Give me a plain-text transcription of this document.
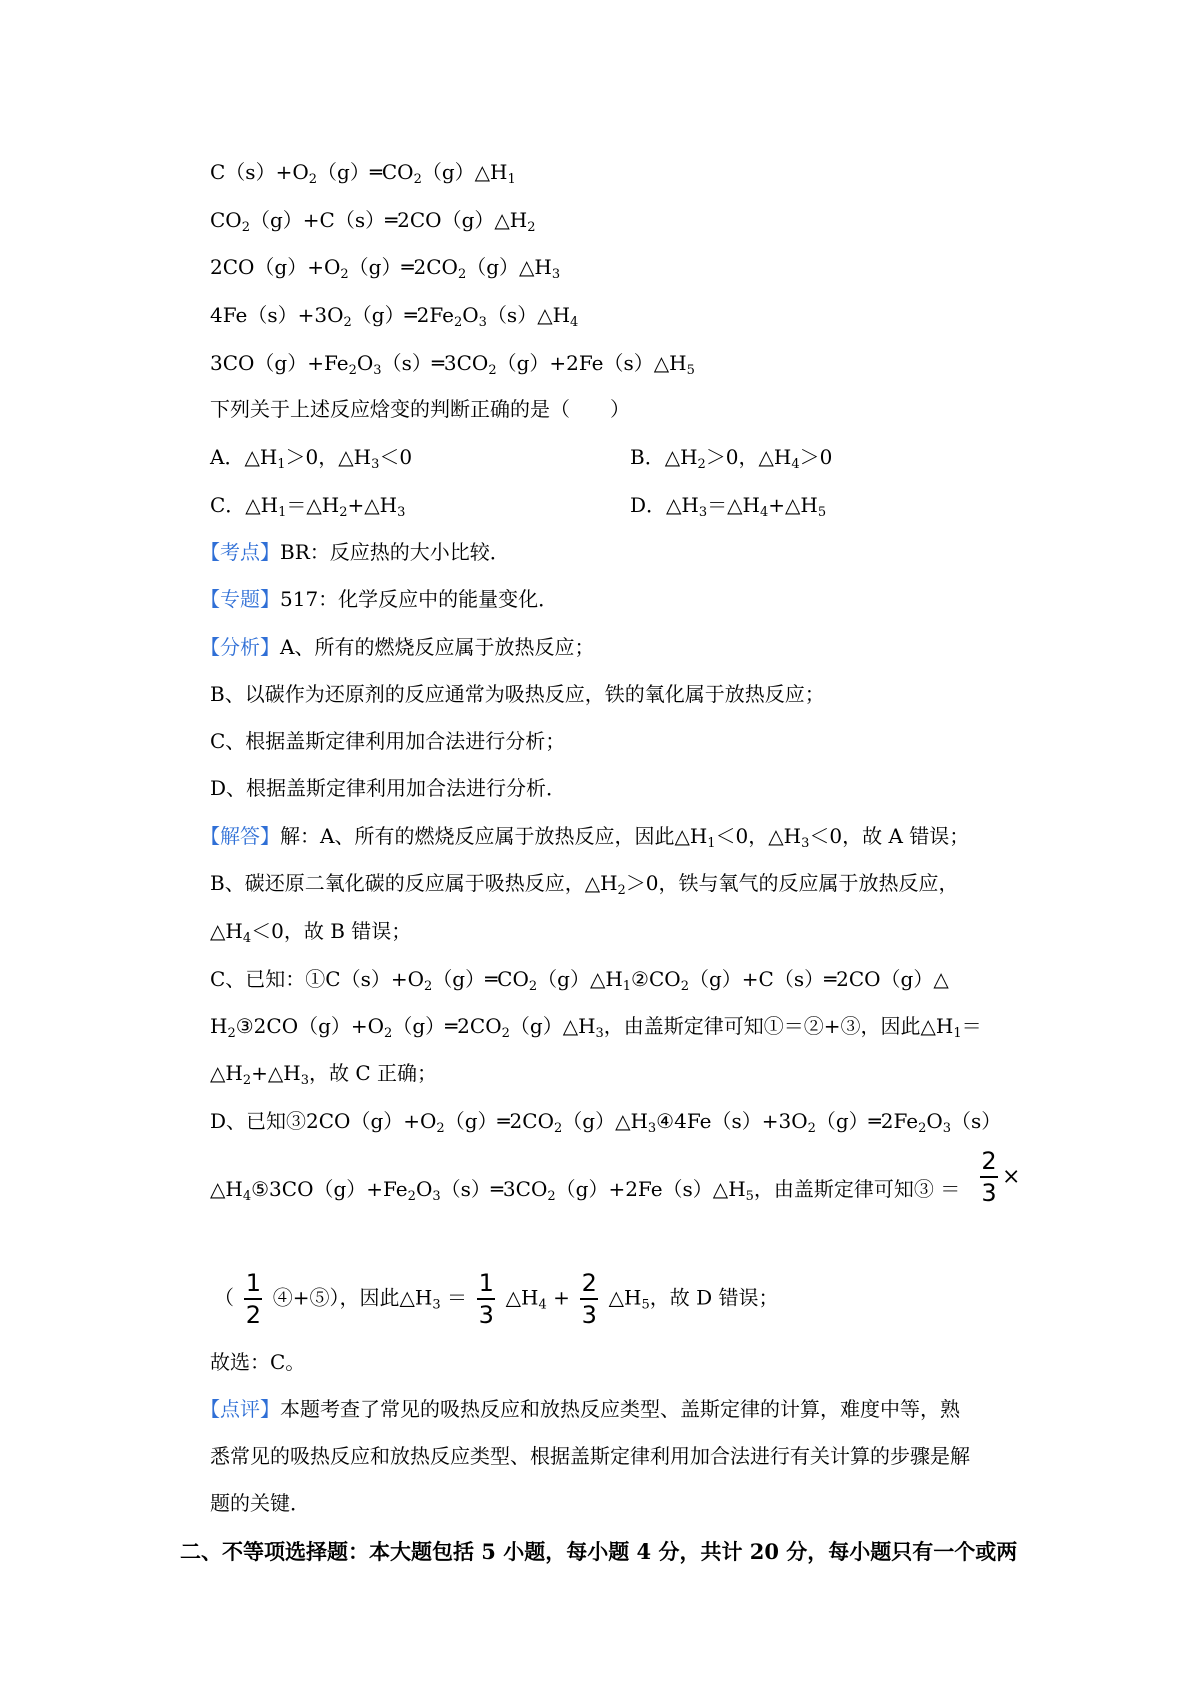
$C(s)+O_2(g)═CO_2(g)\triangle H_1$
$CO_2(g)+C(s)═2CO(g)\triangle H_2$
$2CO(g)+O_2(g)═2CO_2(g)\triangle H_3$
$4Fe(s)+3O_2(g)═2Fe_2O_3(s)\triangle H_4$
$3CO(g)+Fe_2O_3(s)═3CO_2(g)+2Fe(s)\triangle H_5$
下列关于上述反应焓变的判断正确的是（　　）
A．$\triangle H_1>0$，$\triangle H_3<0$	B．$\triangle H_2>0$，$\triangle H_4>0$
C．$\triangle H_1=\triangle H_2+\triangle H_3$	D．$\triangle H_3=\triangle H_4+\triangle H_5$
【考点】BR：反应热的大小比较．
【专题】517：化学反应中的能量变化．
【分析】A、所有的燃烧反应属于放热反应；
B、以碳作为还原剂的反应通常为吸热反应，铁的氧化属于放热反应；
C、根据盖斯定律利用加合法进行分析；
D、根据盖斯定律利用加合法进行分析．
【解答】解：A、所有的燃烧反应属于放热反应，因此$\triangle H_1<0$，$\triangle H_3<0$，故 A 错误；
B、碳还原二氧化碳的反应属于吸热反应，$\triangle H_2>0$，铁与氧气的反应属于放热反应，
$\triangle H_4<0$，故 B 错误；
C、已知：$①C(s)+O_2(g)═CO_2(g)\triangle H_1②CO_2(g)+C(s)═2CO(g)\triangle$
$H_2③2CO(g)+O_2(g)═2CO_2(g)\triangle H_3$，由盖斯定律可知①＝②+③，因此$\triangle H_1=$
$\triangle H_2+\triangle H_3$，故 C 正确；
D、已知$③2CO(g)+O_2(g)═2CO_2(g)\triangle H_3④4Fe(s)+3O_2(g)═2Fe_2O_3(s)$
$\triangle H_4⑤3CO(g)+Fe_2O_3(s)═3CO_2(g)+2Fe(s)\triangle H_5$，由盖斯定律可知③ ＝ $\frac{2}{3}$ ×
（ $\frac{1}{2}$ ④+⑤），因此$\triangle H_3 = \frac{1}{3}$ $\triangle H_4 + \frac{2}{3}$ $\triangle H_5$，故 D 错误；
故选：C。
【点评】本题考查了常见的吸热反应和放热反应类型、盖斯定律的计算，难度中等，熟
悉常见的吸热反应和放热反应类型、根据盖斯定律利用加合法进行有关计算的步骤是解
题的关键．
二、不等项选择题：本大题包括 5 小题，每小题 4 分，共计 20 分，每小题只有一个或两
